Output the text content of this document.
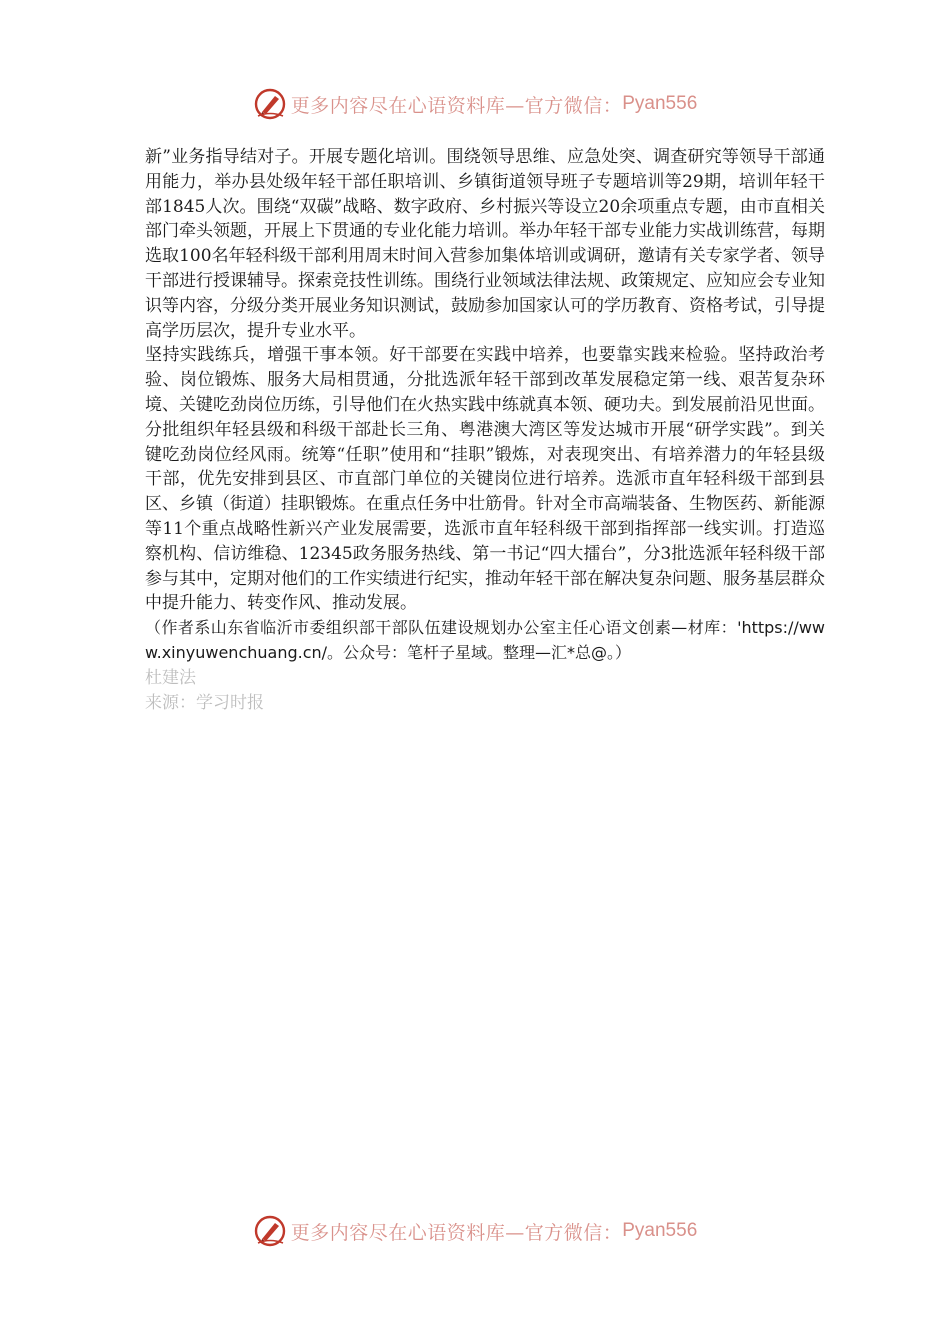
更多内容尽在心语资料库—官方微信： Pyan556

新”业务指导结对子。开展专题化培训。围绕领导思维、应急处突、调查研究等领导干部通用能力，举办县处级年轻干部任职培训、乡镇街道领导班子专题培训等29期，培训年轻干部1845人次。围绕“双碳”战略、数字政府、乡村振兴等设立20余项重点专题，由市直相关部门牵头领题，开展上下贯通的专业化能力培训。举办年轻干部专业能力实战训练营，每期选取100名年轻科级干部利用周末时间入营参加集体培训或调研，邀请有关专家学者、领导干部进行授课辅导。探索竞技性训练。围绕行业领域法律法规、政策规定、应知应会专业知识等内容，分级分类开展业务知识测试，鼓励参加国家认可的学历教育、资格考试，引导提高学历层次，提升专业水平。

坚持实践练兵，增强干事本领。好干部要在实践中培养，也要靠实践来检验。坚持政治考验、岗位锻炼、服务大局相贯通，分批选派年轻干部到改革发展稳定第一线、艰苦复杂环境、关键吃劲岗位历练，引导他们在火热实践中练就真本领、硬功夫。到发展前沿见世面。分批组织年轻县级和科级干部赴长三角、粤港澳大湾区等发达城市开展“研学实践”。到关键吃劲岗位经风雨。统筹“任职”使用和“挂职”锻炼，对表现突出、有培养潜力的年轻县级干部，优先安排到县区、市直部门单位的关键岗位进行培养。选派市直年轻科级干部到县区、乡镇（街道）挂职锻炼。在重点任务中壮筋骨。针对全市高端装备、生物医药、新能源等11个重点战略性新兴产业发展需要，选派市直年轻科级干部到指挥部一线实训。打造巡察机构、信访维稳、12345政务服务热线、第一书记“四大擂台”，分3批选派年轻科级干部参与其中，定期对他们的工作实绩进行纪实，推动年轻干部在解决复杂问题、服务基层群众中提升能力、转变作风、推动发展。

（作者系山东省临沂市委组织部干部队伍建设规划办公室主任心语文创素—材库：'https://www.xinyuwenchuang.cn/。公众号：笔杆子星域。整理—汇*总@。）

杜建法

来源：学习时报

更多内容尽在心语资料库—官方微信： Pyan556
